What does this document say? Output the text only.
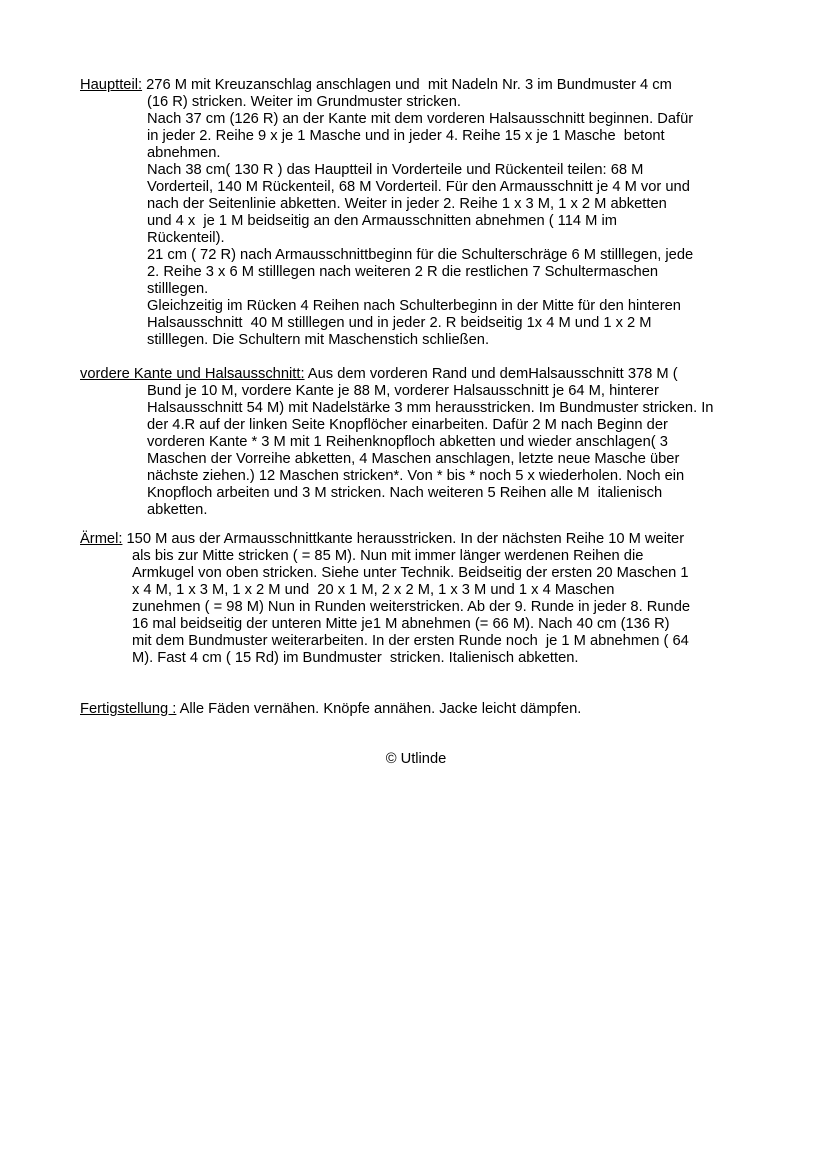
Hauptteil: 276 M mit Kreuzanschlag anschlagen und  mit Nadeln Nr. 3 im Bundmuster 4 cm
(16 R) stricken. Weiter im Grundmuster stricken.
Nach 37 cm (126 R) an der Kante mit dem vorderen Halsausschnitt beginnen. Dafür
in jeder 2. Reihe 9 x je 1 Masche und in jeder 4. Reihe 15 x je 1 Masche  betont
abnehmen.
Nach 38 cm( 130 R ) das Hauptteil in Vorderteile und Rückenteil teilen: 68 M
Vorderteil, 140 M Rückenteil, 68 M Vorderteil. Für den Armausschnitt je 4 M vor und
nach der Seitenlinie abketten. Weiter in jeder 2. Reihe 1 x 3 M, 1 x 2 M abketten
und 4 x  je 1 M beidseitig an den Armausschnitten abnehmen ( 114 M im
Rückenteil).
21 cm ( 72 R) nach Armausschnittbeginn für die Schulterschräge 6 M stilllegen, jede
2. Reihe 3 x 6 M stilllegen nach weiteren 2 R die restlichen 7 Schultermaschen
stilllegen.
Gleichzeitig im Rücken 4 Reihen nach Schulterbeginn in der Mitte für den hinteren
Halsausschnitt  40 M stilllegen und in jeder 2. R beidseitig 1x 4 M und 1 x 2 M
stilllegen. Die Schultern mit Maschenstich schließen.
vordere Kante und Halsausschnitt: Aus dem vorderen Rand und demHalsausschnitt 378 M (
Bund je 10 M, vordere Kante je 88 M, vorderer Halsausschnitt je 64 M, hinterer
Halsausschnitt 54 M) mit Nadelstärke 3 mm herausstricken. Im Bundmuster stricken. In
der 4.R auf der linken Seite Knopflöcher einarbeiten. Dafür 2 M nach Beginn der
vorderen Kante * 3 M mit 1 Reihenknopfloch abketten und wieder anschlagen( 3
Maschen der Vorreihe abketten, 4 Maschen anschlagen, letzte neue Masche über
nächste ziehen.) 12 Maschen stricken*. Von * bis * noch 5 x wiederholen. Noch ein
Knopfloch arbeiten und 3 M stricken. Nach weiteren 5 Reihen alle M  italienisch
abketten.
Ärmel: 150 M aus der Armausschnittkante herausstricken. In der nächsten Reihe 10 M weiter
als bis zur Mitte stricken ( = 85 M). Nun mit immer länger werdenen Reihen die
Armkugel von oben stricken. Siehe unter Technik. Beidseitig der ersten 20 Maschen 1
x 4 M, 1 x 3 M, 1 x 2 M und  20 x 1 M, 2 x 2 M, 1 x 3 M und 1 x 4 Maschen
zunehmen ( = 98 M) Nun in Runden weiterstricken. Ab der 9. Runde in jeder 8. Runde
16 mal beidseitig der unteren Mitte je1 M abnehmen (= 66 M). Nach 40 cm (136 R)
mit dem Bundmuster weiterarbeiten. In der ersten Runde noch  je 1 M abnehmen ( 64
M). Fast 4 cm ( 15 Rd) im Bundmuster  stricken. Italienisch abketten.
Fertigstellung : Alle Fäden vernähen. Knöpfe annähen. Jacke leicht dämpfen.
© Utlinde
